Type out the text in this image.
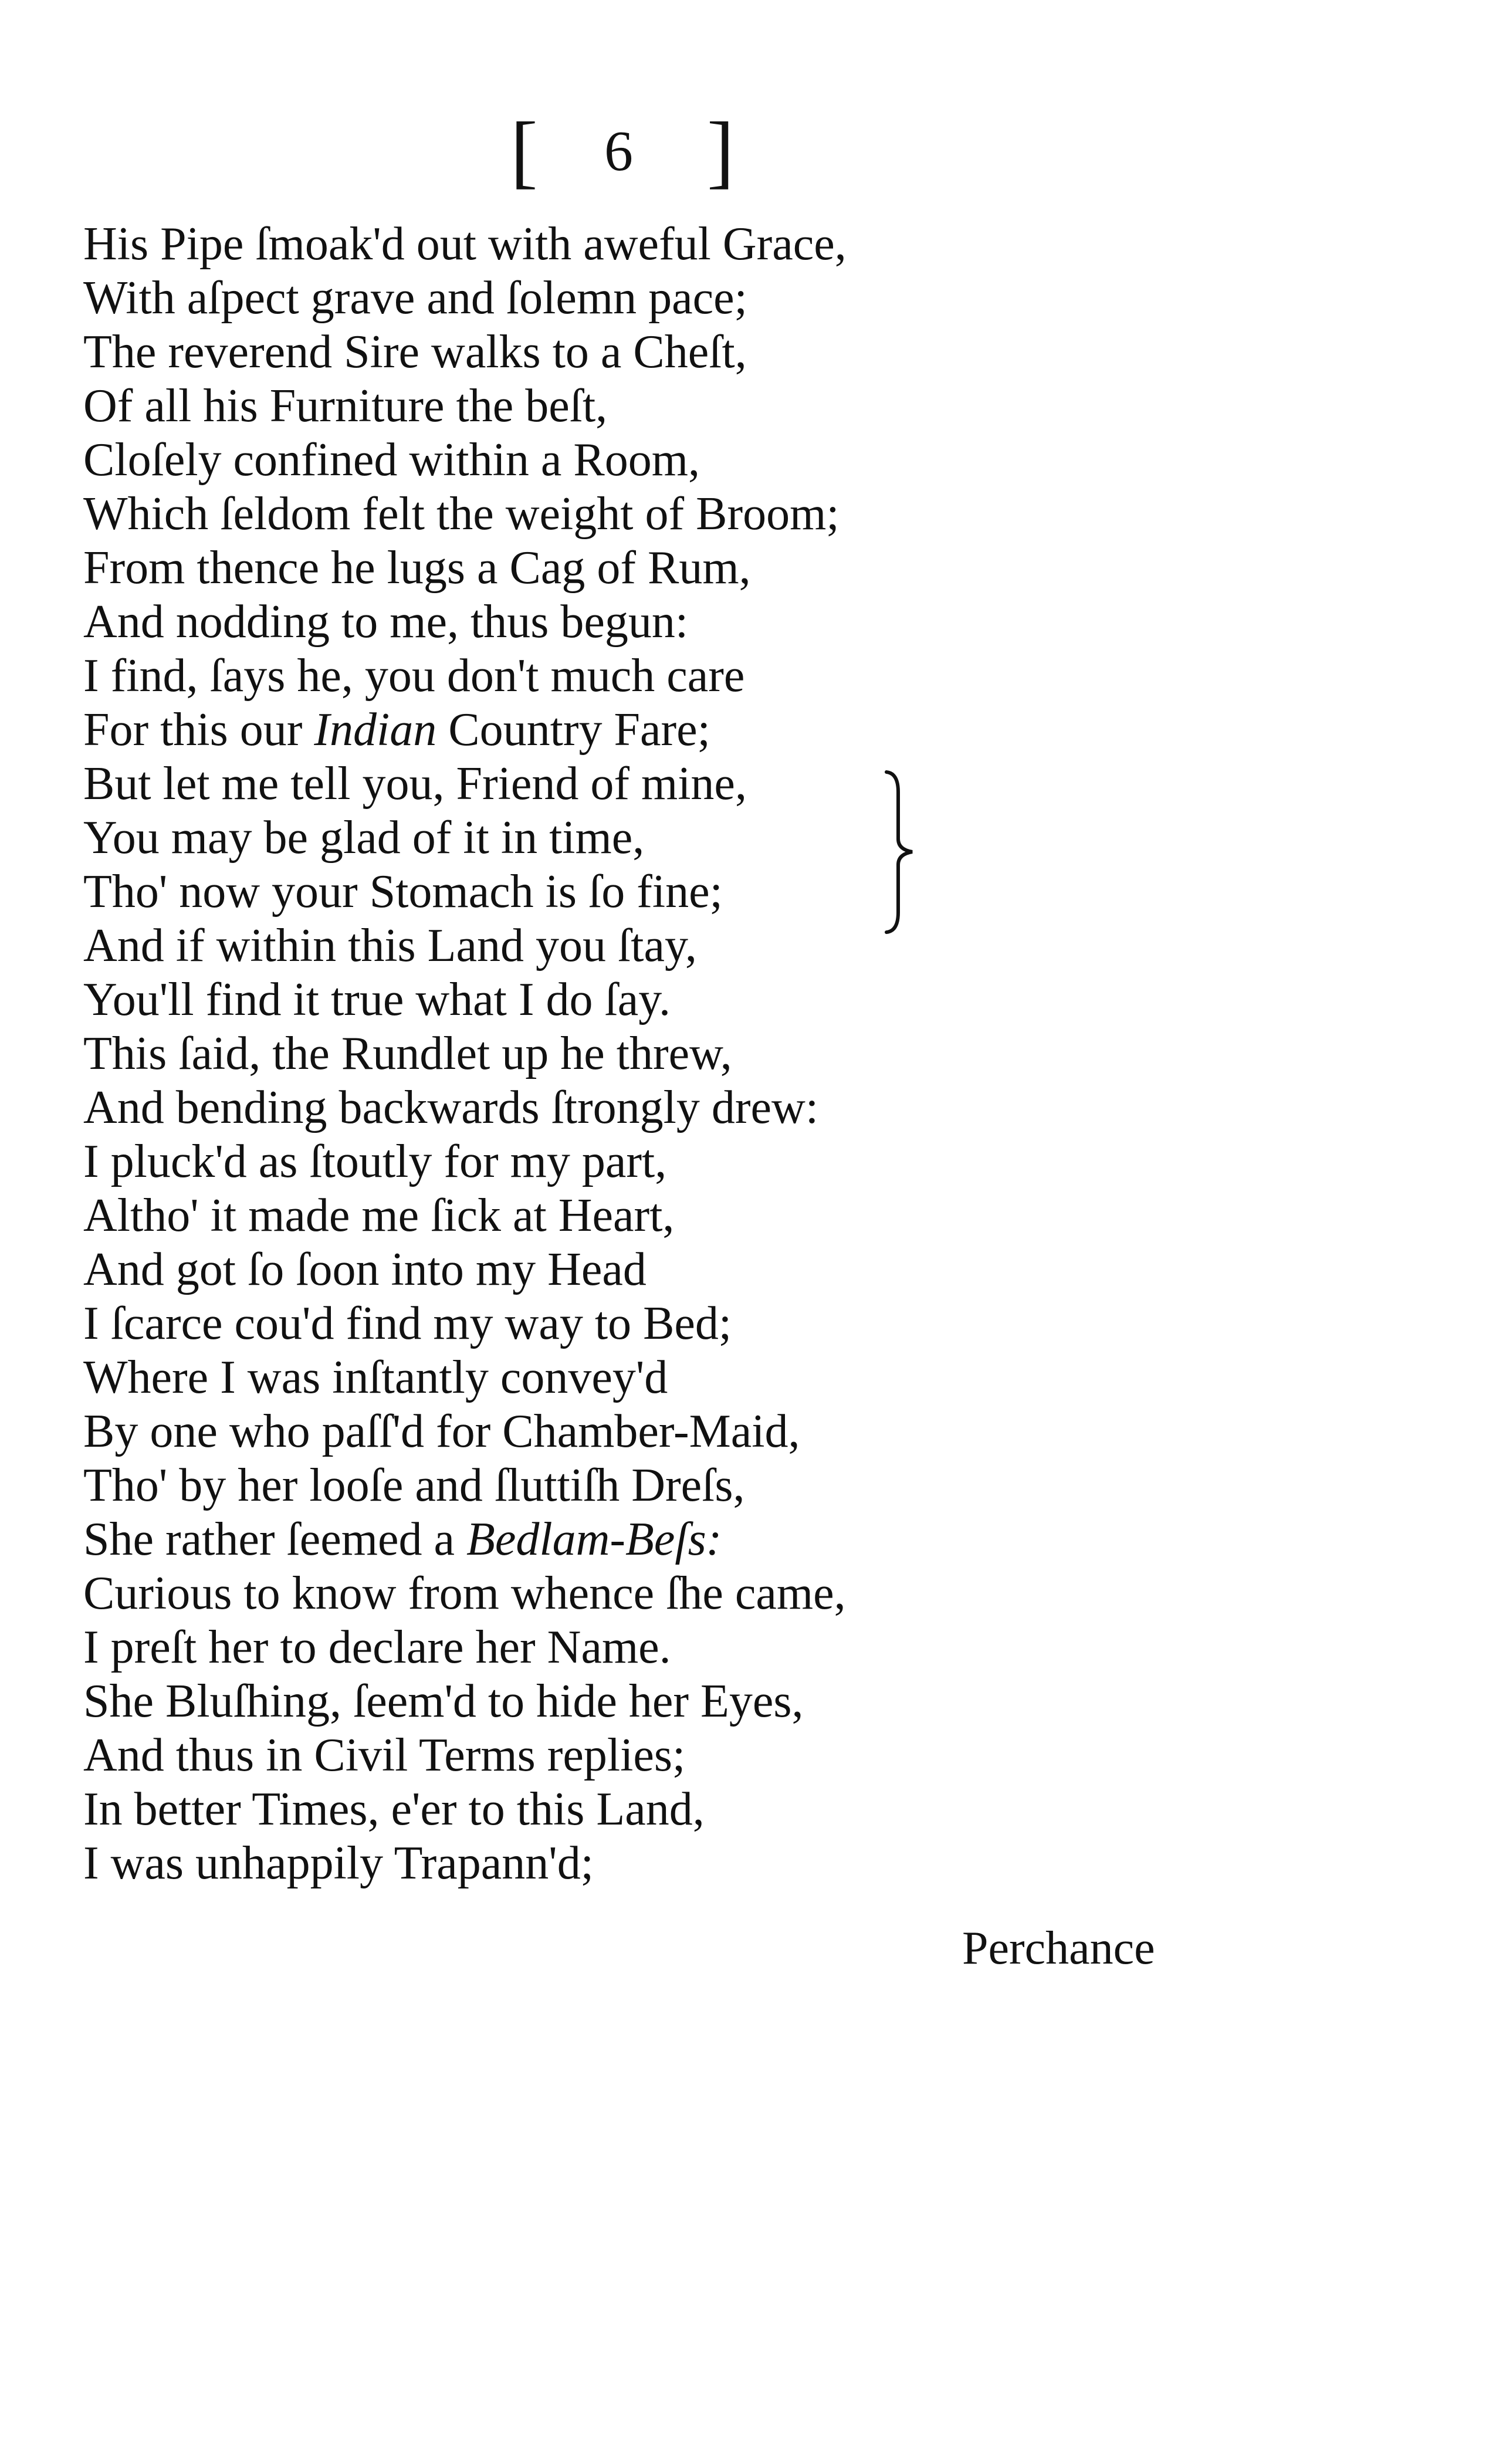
[

6

]

His Pipe ſmoak'd out with aweful Grace,
With aſpect grave and ſolemn pace;
The reverend Sire walks to a Cheſt,
Of all his Furniture the beſt,
Cloſely confined within a Room,
Which ſeldom felt the weight of Broom;
From thence he lugs a Cag of Rum,
And nodding to me, thus begun:
I find, ſays he, you don't much care
For this our Indian Country Fare;
But let me tell you, Friend of mine,
You may be glad of it in time,
Tho' now your Stomach is ſo fine;
And if within this Land you ſtay,
You'll find it true what I do ſay.
This ſaid, the Rundlet up he threw,
And bending backwards ſtrongly drew:
I pluck'd as ſtoutly for my part,
Altho' it made me ſick at Heart,
And got ſo ſoon into my Head
I ſcarce cou'd find my way to Bed;
Where I was inſtantly convey'd
By one who paſſ'd for Chamber-Maid,
Tho' by her looſe and ſluttiſh Dreſs,
She rather ſeemed a Bedlam-Beſs:
Curious to know from whence ſhe came,
I preſt her to declare her Name.
She Bluſhing, ſeem'd to hide her Eyes,
And thus in Civil Terms replies;
In better Times, e'er to this Land,
I was unhappily Trapann'd;
Perchance
